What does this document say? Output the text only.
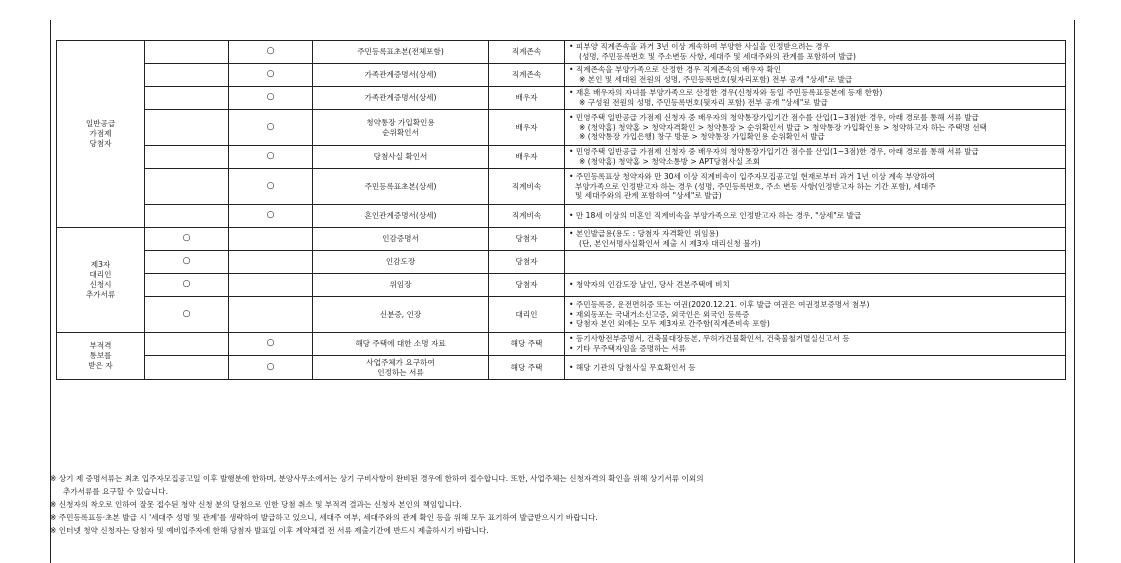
일반공급
가점제
당첨자		○	주민등록표초본(전체포함)	직계존속	• 피부양 직계존속을 과거 3년 이상 계속하여 부양한 사실을 인정받으려는 경우
(성명, 주민등록번호 및 주소변동 사항, 세대주 및 세대주와의 관계를 포함하여 발급)

		○	가족관계증명서(상세)	직계존속	• 직계존속을 부양가족으로 산정한 경우 직계존속의 배우자 확인
※ 본인 및 세대원 전원의 성명, 주민등록번호(뒷자리포함) 전부 공개 "상세"로 발급

		○	가족관계증명서(상세)	배우자	• 재혼 배우자의 자녀를 부양가족으로 산정한 경우(신청자와 동일 주민등록표등본에 등재 한함)
※ 구성원 전원의 성명, 주민등록번호(뒷자리 포함) 전부 공개 "상세"로 발급

		○	청약통장 가입확인용
순위확인서	배우자	• 민영주택 일반공급 가점제 신청자 중 배우자의 청약통장가입기간 점수를 산입(1~3점)한 경우, 아래 경로를 통해 서류 발급
※ (청약홈) 청약홈 > 청약자격확인 > 청약통장 > 순위확인서 발급 > 청약통장 가입확인용 > 청약하고자 하는 주택명 선택
※ (청약통장 가입은행) 창구 방문 > 청약통장 가입확인용 순위확인서 발급

		○	당첨사실 확인서	배우자	• 민영주택 일반공급 가점제 신청자 중 배우자의 청약통장가입기간 점수를 산입(1~3점)한 경우, 아래 경로를 통해 서류 발급
※ (청약홈) 청약홈 > 청약소통방 > APT당첨사실 조회

		○	주민등록표초본(상세)	직계비속	• 주민등록표상 청약자와 만 30세 이상 직계비속이 입주자모집공고일 현재로부터 과거 1년 이상 계속 부양하여
부양가족으로 인정받고자 하는 경우 (성명, 주민등록번호, 주소 변동 사항(인정받고자 하는 기간 포함), 세대주
및 세대주와의 관계 포함하여 "상세"로 발급)

		○	혼인관계증명서(상세)	직계비속	• 만 18세 이상의 미혼인 직계비속을 부양가족으로 인정받고자 하는 경우, "상세"로 발급

제3자
대리인
신청시
추가서류	○		인감증명서	당첨자	• 본인발급용(용도 : 당첨자 자격확인 위임용)
(단, 본인서명사실확인서 제출 시 제3자 대리신청 불가)

	○		인감도장	당첨자	

	○		위임장	당첨자	• 청약자의 인감도장 날인, 당사 견본주택에 비치

	○		신분증, 인장	대리인	• 주민등록증, 운전면허증 또는 여권(2020.12.21. 이후 발급 여권은 여권정보증명서 첨부)
• 재외동포는 국내거소신고증, 외국인은 외국인 등록증
• 당첨자 본인 외에는 모두 제3자로 간주함(직계존비속 포함)

부적격
통보를
받은 자		○	해당 주택에 대한 소명 자료	해당 주택	• 등기사항전부증명서, 건축물대장등본, 무허가건물확인서, 건축물철거멸실신고서 등
• 기타 무주택자임을 증명하는 서류

		○	사업주체가 요구하여
인정하는 서류	해당 주택	• 해당 기관의 당첨사실 무효확인서 등
※ 상기 제 증명서류는 최초 입주자모집공고일 이후 발행분에 한하며, 분양사무소에서는 상기 구비사항이 완비된 경우에 한하여 접수합니다. 또한, 사업주체는 신청자격의 확인을 위해 상기서류 이외의
추가서류를 요구할 수 있습니다.
※ 신청자의 착오로 인하여 잘못 접수된 청약 신청 분의 당첨으로 인한 당첨 취소 및 부적격 결과는 신청자 본인의 책임입니다.
※ 주민등록표등·초본 발급 시 '세대주 성명 및 관계'를 생략하여 발급하고 있으니, 세대주 여부, 세대주와의 관계 확인 등을 위해 모두 표기하여 발급받으시기 바랍니다.
※ 인터넷 청약 신청자는 당첨자 및 예비입주자에 한해 당첨자 발표일 이후 계약체결 전 서류 제출기간에 반드시 제출하시기 바랍니다.
